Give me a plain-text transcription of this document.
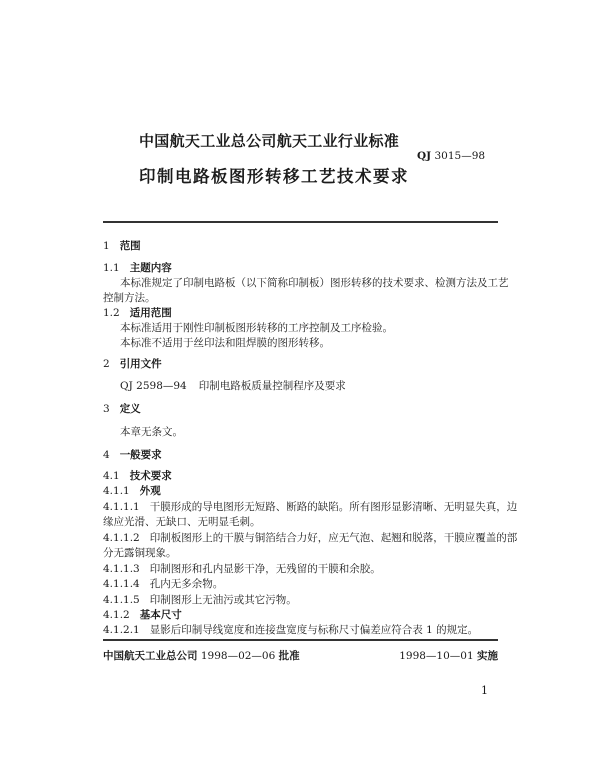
中国航天工业总公司航天工业行业标准
QJ 3015—98
印制电路板图形转移工艺技术要求
1 范围
1.1 主题内容
本标准规定了印制电路板（以下简称印制板）图形转移的技术要求、检测方法及工艺
控制方法。
1.2 适用范围
本标准适用于刚性印制板图形转移的工序控制及工序检验。
本标准不适用于丝印法和阻焊膜的图形转移。
2 引用文件
QJ 2598—94 印制电路板质量控制程序及要求
3 定义
本章无条文。
4 一般要求
4.1 技术要求
4.1.1 外观
4.1.1.1 干膜形成的导电图形无短路、断路的缺陷。所有图形显影清晰、无明显失真，边
缘应光滑、无缺口、无明显毛刺。
4.1.1.2 印制板图形上的干膜与铜箔结合力好，应无气泡、起翘和脱落，干膜应覆盖的部
分无露铜现象。
4.1.1.3 印制图形和孔内显影干净，无残留的干膜和余胶。
4.1.1.4 孔内无多余物。
4.1.1.5 印制图形上无油污或其它污物。
4.1.2 基本尺寸
4.1.2.1 显影后印制导线宽度和连接盘宽度与标称尺寸偏差应符合表 1 的规定。
中国航天工业总公司 1998—02—06 批准	1998—10—01 实施
1
